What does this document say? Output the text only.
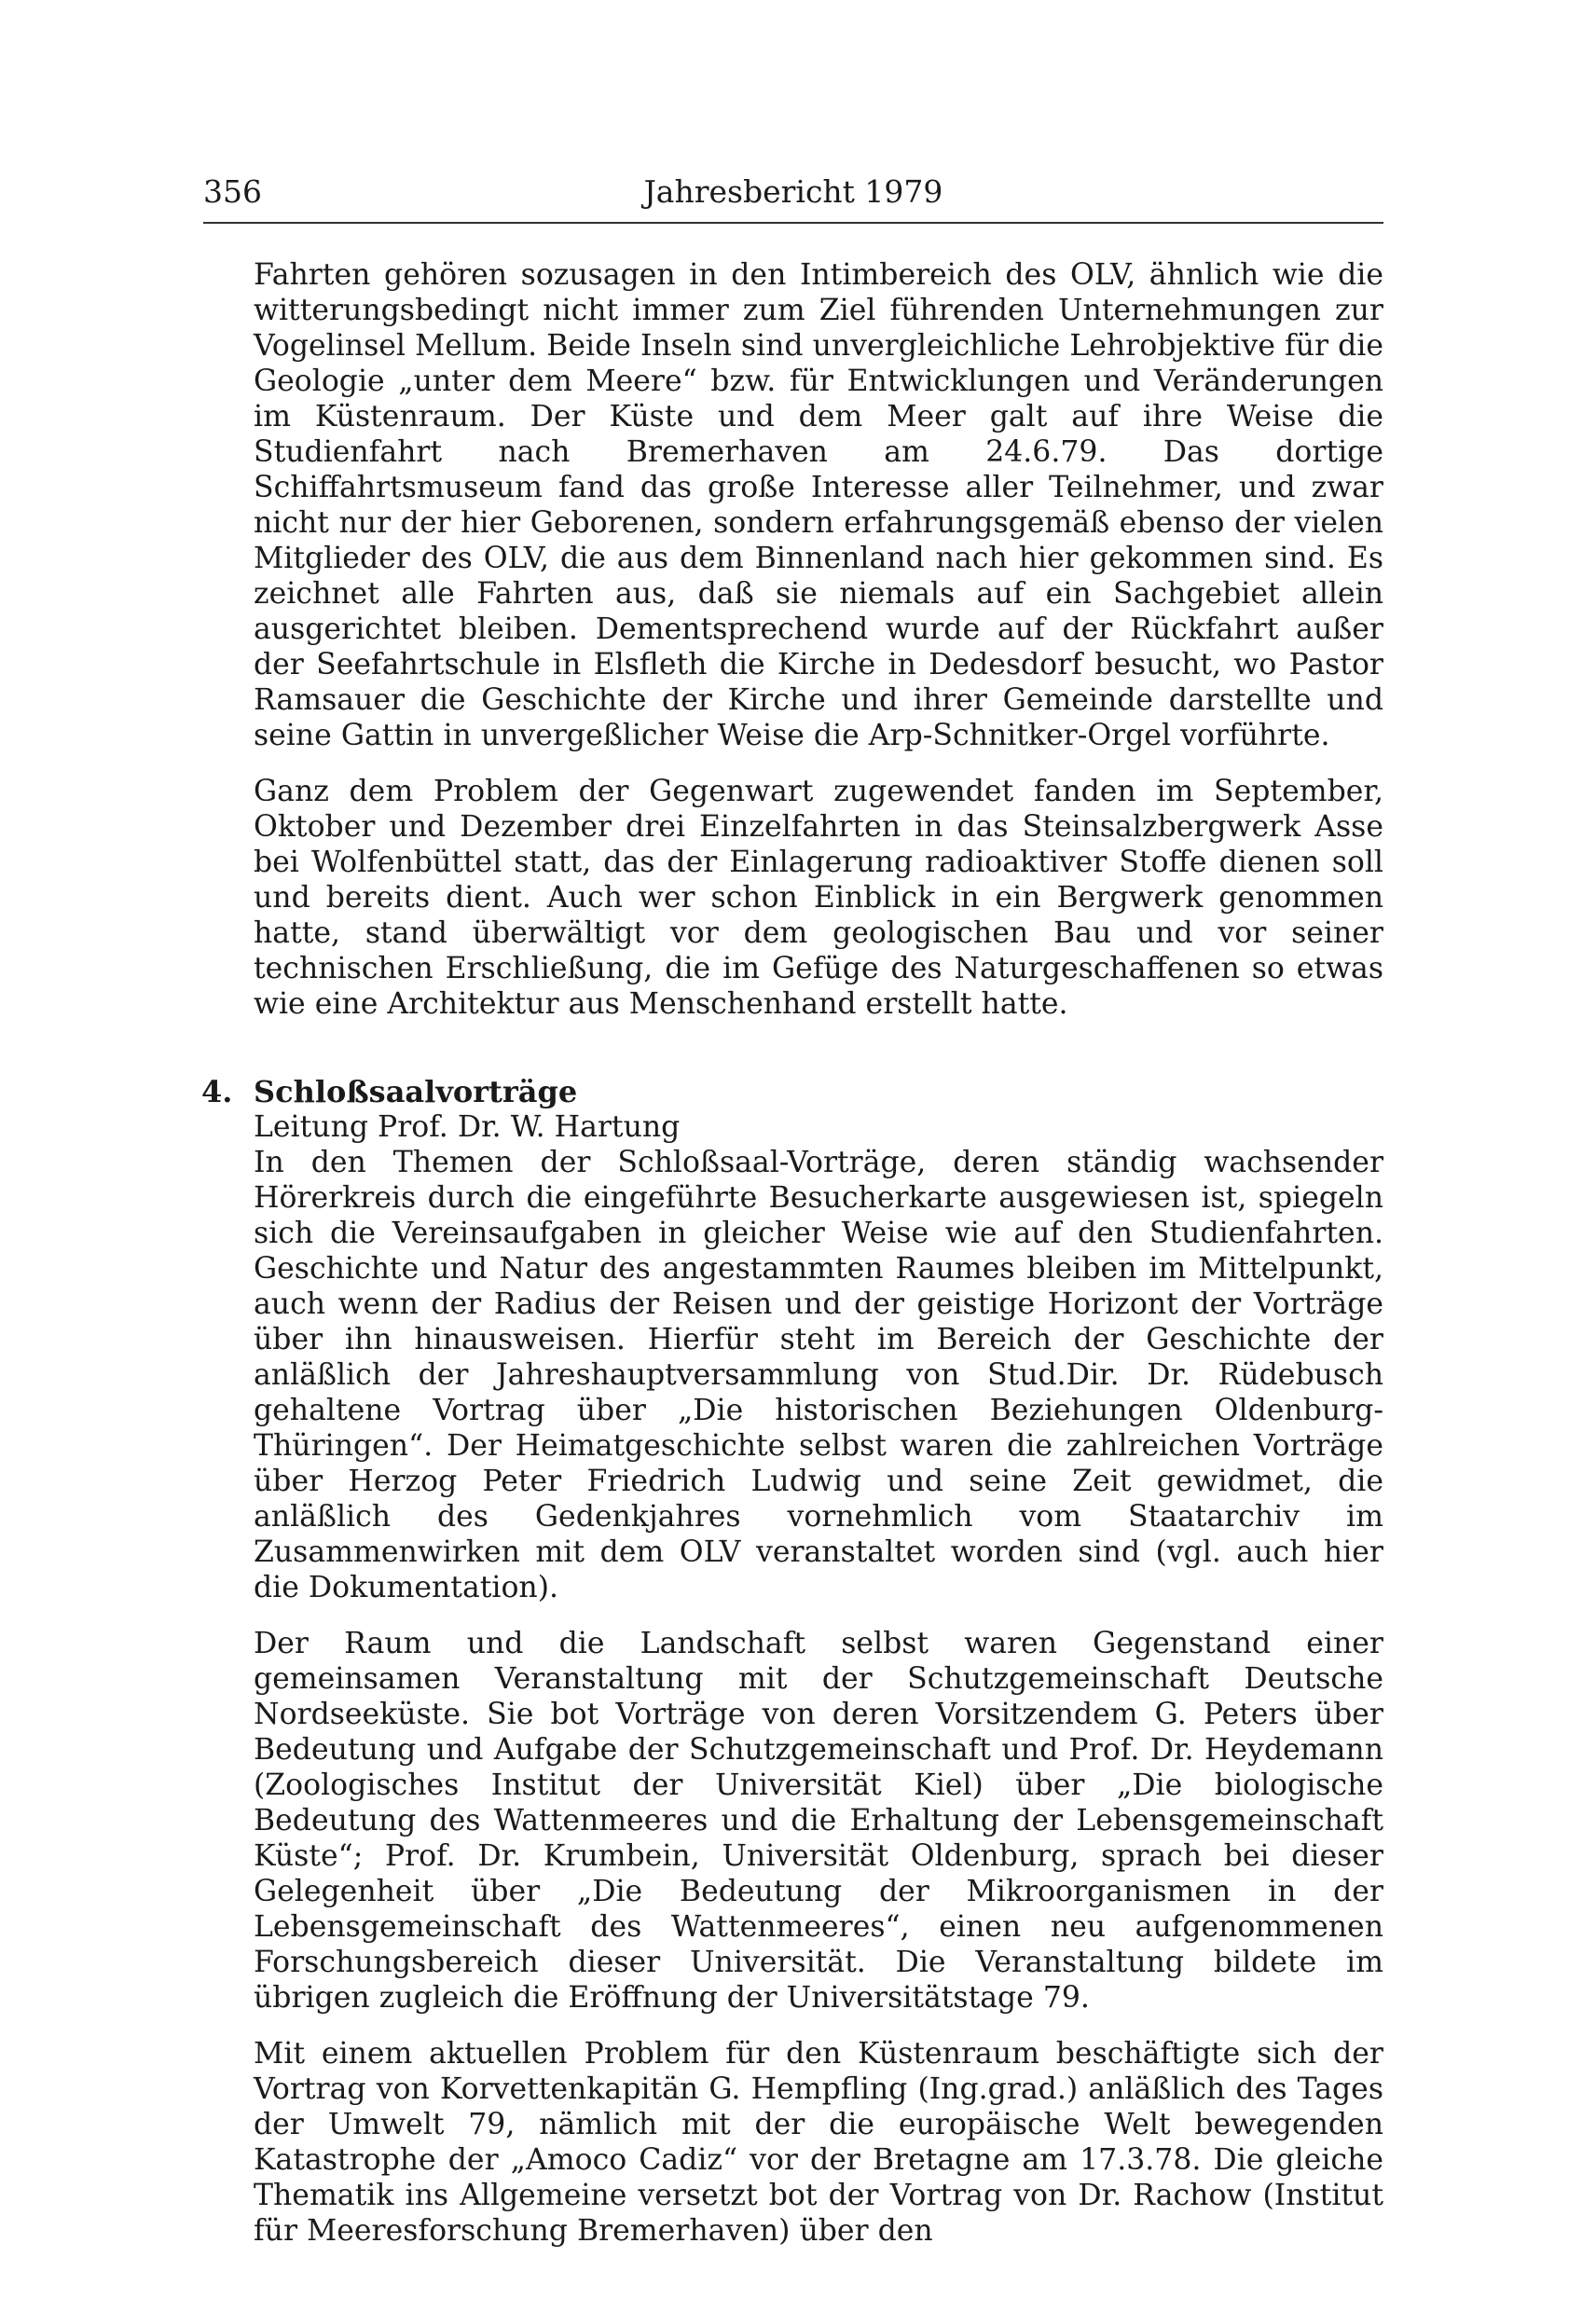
356	Jahresbericht 1979

Fahrten gehören sozusagen in den Intimbereich des OLV, ähnlich wie die witterungsbedingt nicht immer zum Ziel führenden Unternehmungen zur Vogelinsel Mellum. Beide Inseln sind unvergleichliche Lehrobjektive für die Geologie „unter dem Meere“ bzw. für Entwicklungen und Veränderungen im Küstenraum. Der Küste und dem Meer galt auf ihre Weise die Studienfahrt nach Bremerhaven am 24.6.79. Das dortige Schiffahrtsmuseum fand das große Interesse aller Teilnehmer, und zwar nicht nur der hier Geborenen, sondern erfahrungsgemäß ebenso der vielen Mitglieder des OLV, die aus dem Binnenland nach hier gekommen sind. Es zeichnet alle Fahrten aus, daß sie niemals auf ein Sachgebiet allein ausgerichtet bleiben. Dementsprechend wurde auf der Rückfahrt außer der Seefahrtschule in Elsfleth die Kirche in Dedesdorf besucht, wo Pastor Ramsauer die Geschichte der Kirche und ihrer Gemeinde darstellte und seine Gattin in unvergeßlicher Weise die Arp-Schnitker-Orgel vorführte.

Ganz dem Problem der Gegenwart zugewendet fanden im September, Oktober und Dezember drei Einzelfahrten in das Steinsalzbergwerk Asse bei Wolfenbüttel statt, das der Einlagerung radioaktiver Stoffe dienen soll und bereits dient. Auch wer schon Einblick in ein Bergwerk genommen hatte, stand überwältigt vor dem geologischen Bau und vor seiner technischen Erschließung, die im Gefüge des Naturgeschaffenen so etwas wie eine Architektur aus Menschenhand erstellt hatte.

4. Schloßsaalvorträge
Leitung Prof. Dr. W. Hartung

In den Themen der Schloßsaal-Vorträge, deren ständig wachsender Hörerkreis durch die eingeführte Besucherkarte ausgewiesen ist, spiegeln sich die Vereinsaufgaben in gleicher Weise wie auf den Studienfahrten. Geschichte und Natur des angestammten Raumes bleiben im Mittelpunkt, auch wenn der Radius der Reisen und der geistige Horizont der Vorträge über ihn hinausweisen. Hierfür steht im Bereich der Geschichte der anläßlich der Jahreshauptversammlung von Stud.Dir. Dr. Rüdebusch gehaltene Vortrag über „Die historischen Beziehungen Oldenburg-Thüringen“. Der Heimatgeschichte selbst waren die zahlreichen Vorträge über Herzog Peter Friedrich Ludwig und seine Zeit gewidmet, die anläßlich des Gedenkjahres vornehmlich vom Staatarchiv im Zusammenwirken mit dem OLV veranstaltet worden sind (vgl. auch hier die Dokumentation).

Der Raum und die Landschaft selbst waren Gegenstand einer gemeinsamen Veranstaltung mit der Schutzgemeinschaft Deutsche Nordseeküste. Sie bot Vorträge von deren Vorsitzendem G. Peters über Bedeutung und Aufgabe der Schutzgemeinschaft und Prof. Dr. Heydemann (Zoologisches Institut der Universität Kiel) über „Die biologische Bedeutung des Wattenmeeres und die Erhaltung der Lebensgemeinschaft Küste“; Prof. Dr. Krumbein, Universität Oldenburg, sprach bei dieser Gelegenheit über „Die Bedeutung der Mikroorganismen in der Lebensgemeinschaft des Wattenmeeres“, einen neu aufgenommenen Forschungsbereich dieser Universität. Die Veranstaltung bildete im übrigen zugleich die Eröffnung der Universitätstage 79.

Mit einem aktuellen Problem für den Küstenraum beschäftigte sich der Vortrag von Korvettenkapitän G. Hempfling (Ing.grad.) anläßlich des Tages der Umwelt 79, nämlich mit der die europäische Welt bewegenden Katastrophe der „Amoco Cadiz“ vor der Bretagne am 17.3.78. Die gleiche Thematik ins Allgemeine versetzt bot der Vortrag von Dr. Rachow (Institut für Meeresforschung Bremerhaven) über den
